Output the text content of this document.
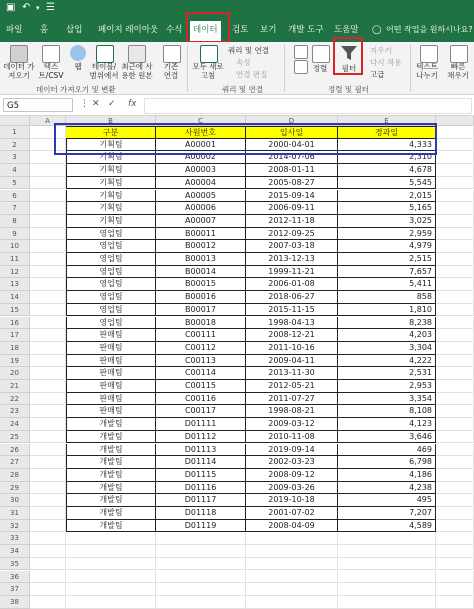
▣ ↶ ▾ ☰
파일 홈 삽입 페이지 레이아웃 수식	데이터	검토 보기 개발 도구 도움말 ◯ 어떤 작업을 원하시나요?
데이터 가
져오기
텍스
트/CSV
웹	테이블/
범위에서
최근에 사
용한 원본
기존
연결
데이터 가져오기 및 변환
모두 새로
고침
쿼리 및 연결
속성
연결 편집
쿼리 및 연결
정렬	필터
지우기
다시 적용
고급
정렬 및 필터
텍스트
나누기
빠른
채우기
G5	⋮ ✕ ✓ fx
A	B	C	D	E
1	구분	사원번호	입사일	경과일
2	기획팀	A00001	2000-04-01	4,333
3	기획팀	A00002	2014-07-06	2,310
4	기획팀	A00003	2008-01-11	4,678
5	기획팀	A00004	2005-08-27	5,545
6	기획팀	A00005	2015-09-14	2,015
7	기획팀	A00006	2006-09-11	5,165
8	기획팀	A00007	2012-11-18	3,025
9	영업팀	B00011	2012-09-25	2,959
10	영업팀	B00012	2007-03-18	4,979
11	영업팀	B00013	2013-12-13	2,515
12	영업팀	B00014	1999-11-21	7,657
13	영업팀	B00015	2006-01-08	5,411
14	영업팀	B00016	2018-06-27	858
15	영업팀	B00017	2015-11-15	1,810
16	영업팀	B00018	1998-04-13	8,238
17	판매팀	C00111	2008-12-21	4,203
18	판매팀	C00112	2011-10-16	3,304
19	판매팀	C00113	2009-04-11	4,222
20	판매팀	C00114	2013-11-30	2,531
21	판매팀	C00115	2012-05-21	2,953
22	판매팀	C00116	2011-07-27	3,354
23	판매팀	C00117	1998-08-21	8,108
24	개발팀	D01111	2009-03-12	4,123
25	개발팀	D01112	2010-11-08	3,646
26	개발팀	D01113	2019-09-14	469
27	개발팀	D01114	2002-03-23	6,798
28	개발팀	D01115	2008-09-12	4,186
29	개발팀	D01116	2009-03-26	4,238
30	개발팀	D01117	2019-10-18	495
31	개발팀	D01118	2001-07-02	7,207
32	개발팀	D01119	2008-04-09	4,589
33
34
35
36
37
38
